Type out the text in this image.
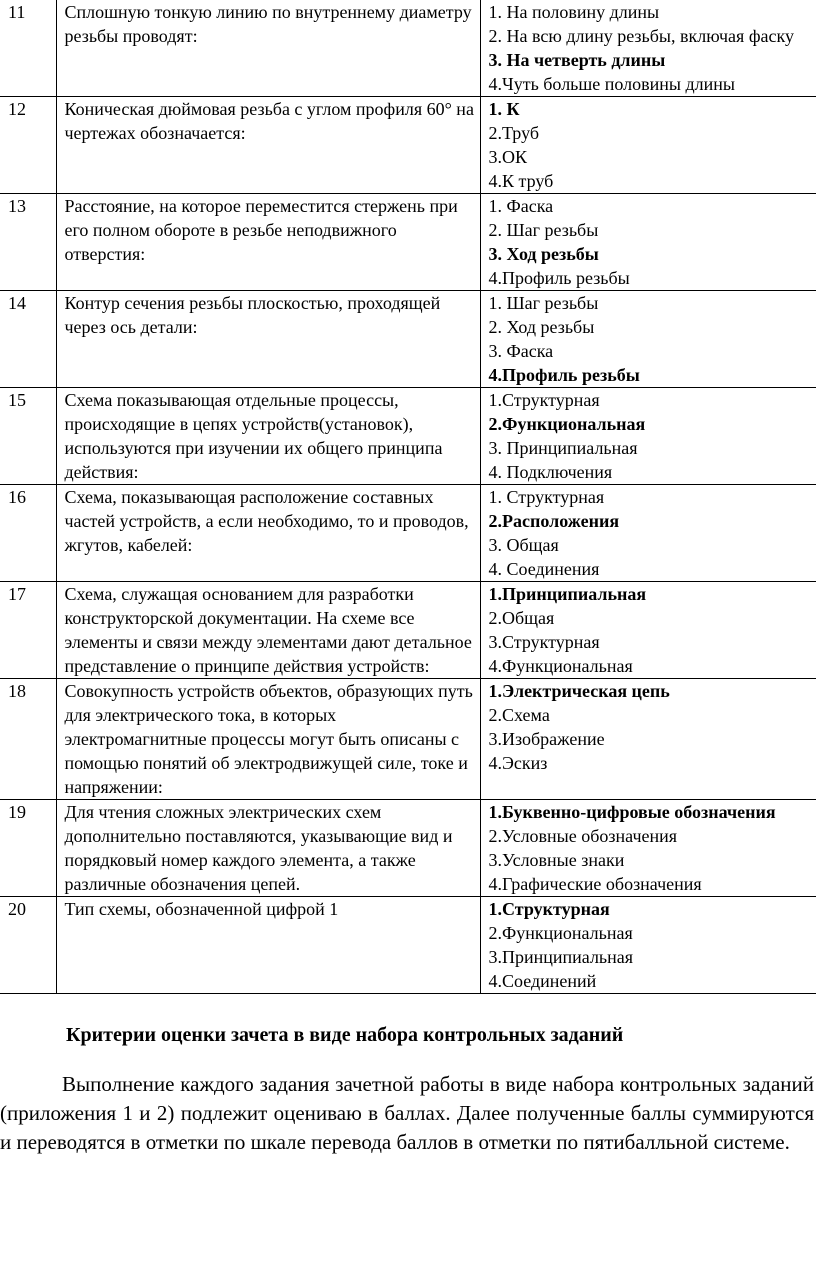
11	Сплошную тонкую линию по внутреннему диаметру резьбы проводят:	1. На половину длины
2. На всю длину резьбы, включая фаску
3. На четверть длины
4.Чуть больше половины длины

12	Коническая дюймовая резьба с углом профиля 60° на чертежах обозначается:	1. К
2.Труб
3.ОК
4.К труб

13	Расстояние, на которое переместится стержень при его полном обороте в резьбе неподвижного отверстия:	1. Фаска
2. Шаг резьбы
3. Ход резьбы
4.Профиль резьбы

14	Контур сечения резьбы плоскостью, проходящей через ось детали:	1. Шаг резьбы
2. Ход резьбы
3. Фаска
4.Профиль резьбы

15	Схема показывающая отдельные процессы, происходящие в цепях устройств(установок), используются при изучении их общего принципа действия:	1.Структурная
2.Функциональная
3. Принципиальная
4. Подключения

16	Схема, показывающая расположение составных частей устройств, а если необходимо, то и проводов, жгутов, кабелей:	1. Структурная
2.Расположения
3. Общая
4. Соединения

17	Схема, служащая основанием для разработки конструкторской документации. На схеме все элементы и связи между элементами дают детальное представление о принципе действия устройств:	1.Принципиальная
2.Общая
3.Структурная
4.Функциональная

18	Совокупность устройств объектов, образующих путь для электрического тока, в которых электромагнитные процессы могут быть описаны с помощью понятий об электродвижущей силе, токе и напряжении:	1.Электрическая цепь
2.Схема
3.Изображение
4.Эскиз

19	Для чтения сложных электрических схем дополнительно поставляются, указывающие вид и порядковый номер каждого элемента, а также различные обозначения цепей.	1.Буквенно-цифровые обозначения
2.Условные обозначения
3.Условные знаки
4.Графические обозначения

20	Тип схемы, обозначенной цифрой 1	1.Структурная
2.Функциональная
3.Принципиальная
4.Соединений
Критерии оценки зачета в виде набора контрольных заданий

Выполнение каждого задания зачетной работы в виде набора контрольных заданий (приложения 1 и 2) подлежит оцениваю в баллах. Далее полученные баллы суммируются и переводятся в отметки по шкале перевода баллов в отметки по пятибалльной системе.
